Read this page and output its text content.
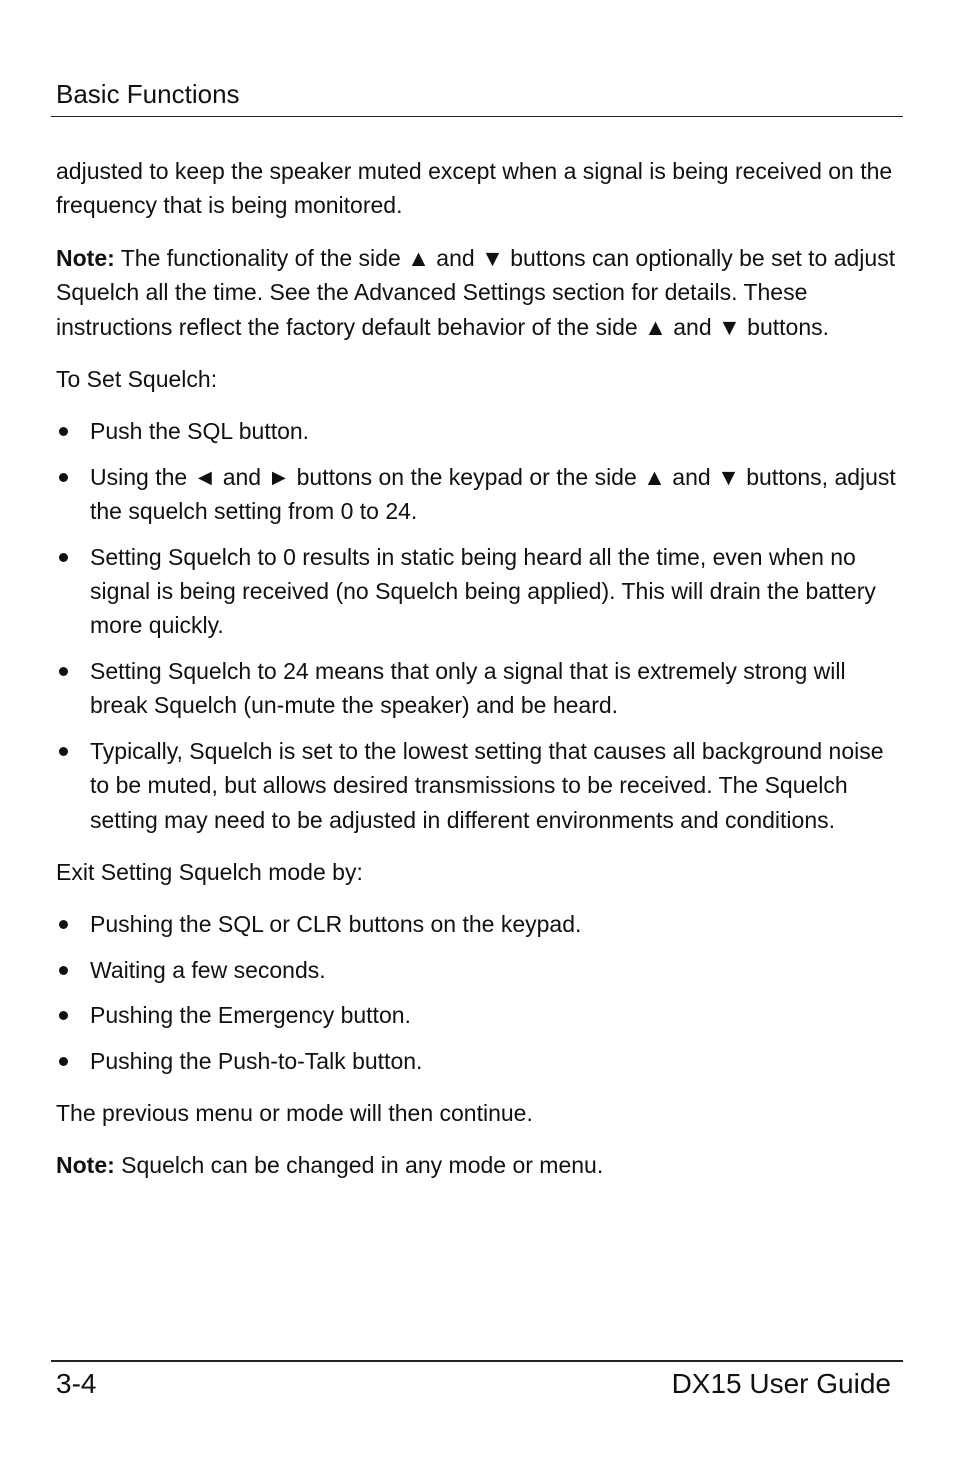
Basic Functions

adjusted to keep the speaker muted except when a signal is being received on the frequency that is being monitored.

Note: The functionality of the side ▲ and ▼ buttons can optionally be set to adjust Squelch all the time. See the Advanced Settings section for details. These instructions reflect the factory default behavior of the side ▲ and ▼ buttons.

To Set Squelch:

Push the SQL button.
Using the ◄ and ► buttons on the keypad or the side ▲ and ▼ buttons, adjust the squelch setting from 0 to 24.
Setting Squelch to 0 results in static being heard all the time, even when no signal is being received (no Squelch being applied). This will drain the battery more quickly.
Setting Squelch to 24 means that only a signal that is extremely strong will break Squelch (un-mute the speaker) and be heard.
Typically, Squelch is set to the lowest setting that causes all background noise to be muted, but allows desired transmissions to be received. The Squelch setting may need to be adjusted in different environments and conditions.

Exit Setting Squelch mode by:

Pushing the SQL or CLR buttons on the keypad.
Waiting a few seconds.
Pushing the Emergency button.
Pushing the Push-to-Talk button.

The previous menu or mode will then continue.

Note: Squelch can be changed in any mode or menu.

3-4	DX15 User Guide
